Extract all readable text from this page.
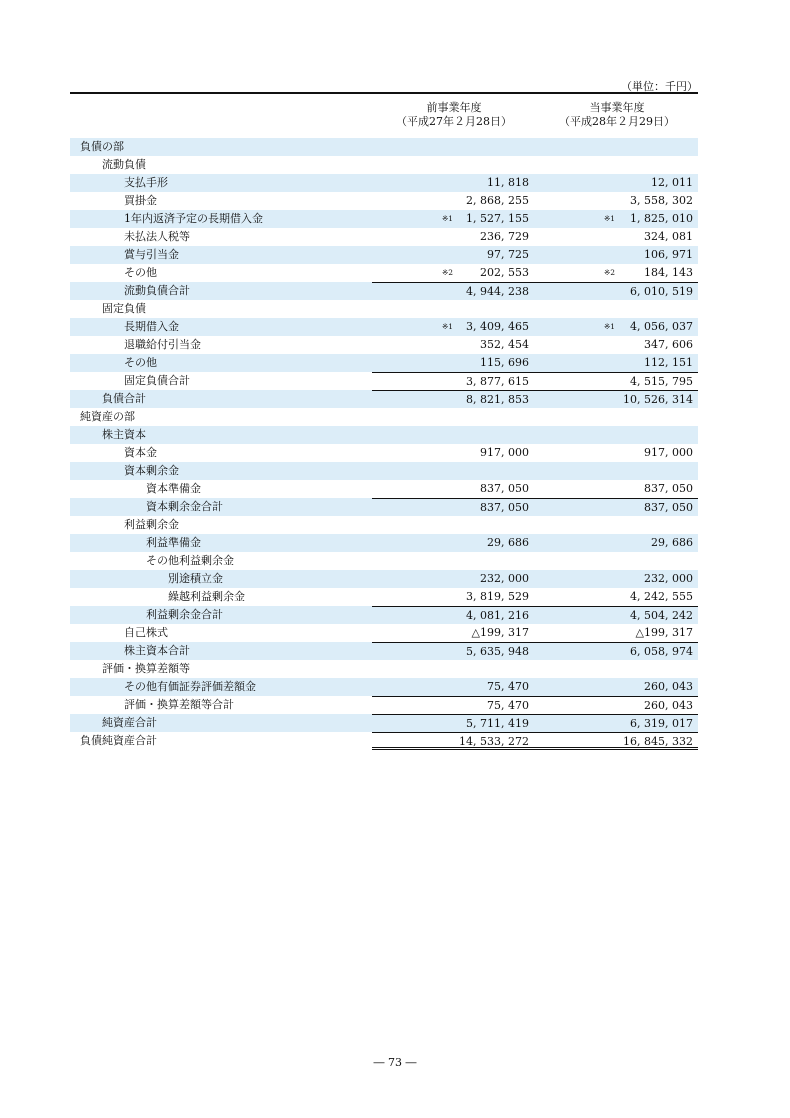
（単位：千円）
前事業年度
（平成27年２月28日）
当事業年度
（平成28年２月29日）
負債の部
流動負債
支払手形	11, 818	12, 011
買掛金	2, 868, 255	3, 558, 302
1年内返済予定の長期借入金	※1 1, 527, 155	※1 1, 825, 010
未払法人税等	236, 729	324, 081
賞与引当金	97, 725	106, 971
その他	※2 202, 553	※2	184, 143
流動負債合計	4, 944, 238	6, 010, 519
固定負債
長期借入金	※1 3, 409, 465	※1 4, 056, 037
退職給付引当金	352, 454	347, 606
その他	115, 696	112, 151
固定負債合計	3, 877, 615	4, 515, 795
負債合計	8, 821, 853	10, 526, 314
純資産の部
株主資本
資本金	917, 000	917, 000
資本剰余金
資本準備金	837, 050	837, 050
資本剰余金合計	837, 050	837, 050
利益剰余金
利益準備金	29, 686	29, 686
その他利益剰余金
別途積立金	232, 000	232, 000
繰越利益剰余金	3, 819, 529	4, 242, 555
利益剰余金合計	4, 081, 216	4, 504, 242
自己株式	△199, 317	△199, 317
株主資本合計	5, 635, 948	6, 058, 974
評価・換算差額等
その他有価証券評価差額金	75, 470	260, 043
評価・換算差額等合計	75, 470	260, 043
純資産合計	5, 711, 419	6, 319, 017
負債純資産合計	14, 533, 272	16, 845, 332
― 73 ―
